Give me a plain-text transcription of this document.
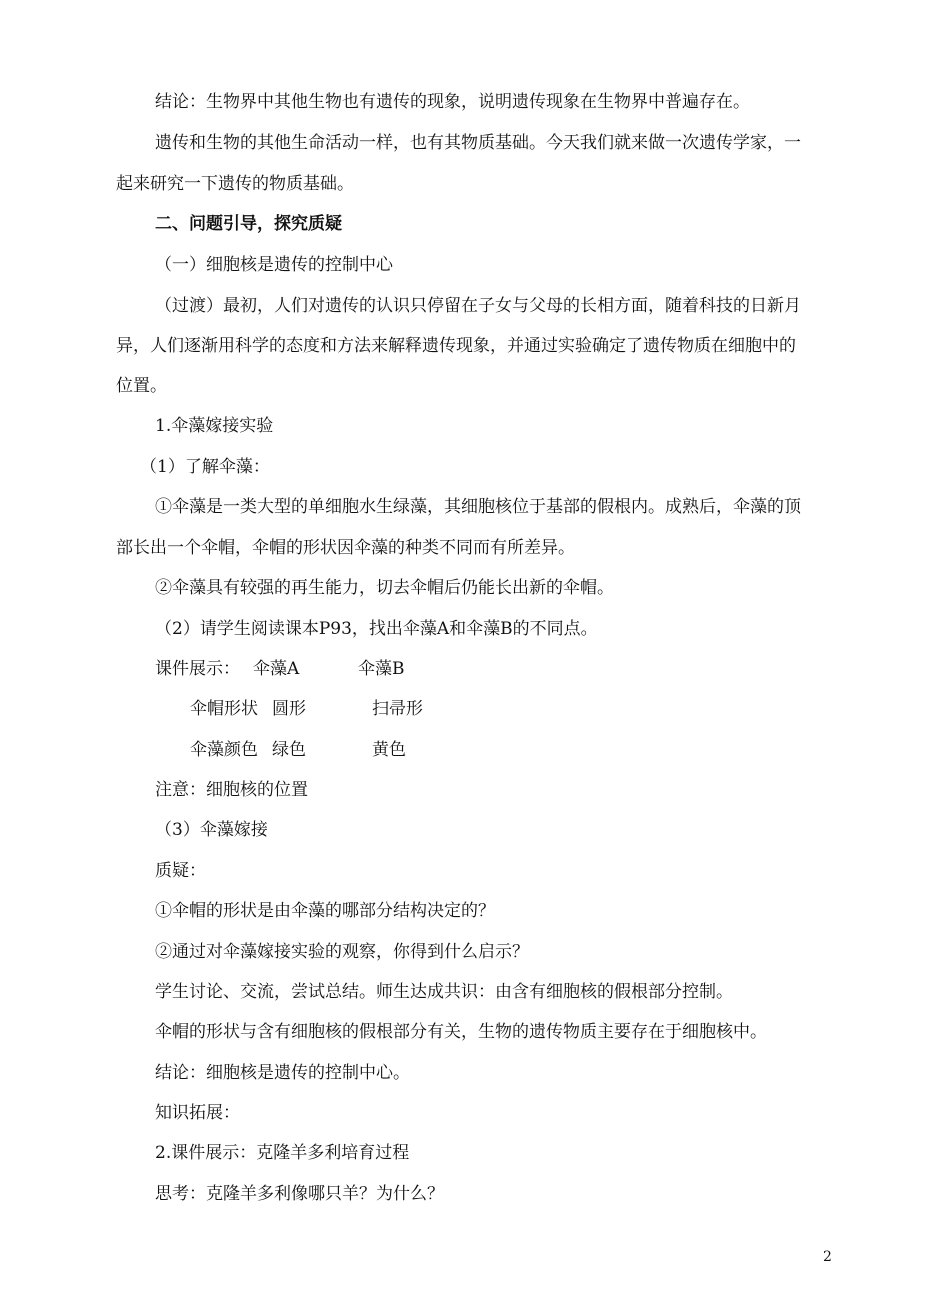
结论：生物界中其他生物也有遗传的现象，说明遗传现象在生物界中普遍存在。
遗传和生物的其他生命活动一样，也有其物质基础。今天我们就来做一次遗传学家，一
起来研究一下遗传的物质基础。
二、问题引导，探究质疑
（一）细胞核是遗传的控制中心
（过渡）最初，人们对遗传的认识只停留在子女与父母的长相方面，随着科技的日新月
异，人们逐渐用科学的态度和方法来解释遗传现象，并通过实验确定了遗传物质在细胞中的
位置。
1.伞藻嫁接实验
（1）了解伞藻：
①伞藻是一类大型的单细胞水生绿藻，其细胞核位于基部的假根内。成熟后，伞藻的顶
部长出一个伞帽，伞帽的形状因伞藻的种类不同而有所差异。
②伞藻具有较强的再生能力，切去伞帽后仍能长出新的伞帽。
（2）请学生阅读课本P93，找出伞藻A和伞藻B的不同点。
课件展示： 伞藻A	伞藻B
伞帽形状 圆形	扫帚形
伞藻颜色 绿色	黄色
注意：细胞核的位置
（3）伞藻嫁接
质疑：
①伞帽的形状是由伞藻的哪部分结构决定的？
②通过对伞藻嫁接实验的观察，你得到什么启示？
学生讨论、交流，尝试总结。师生达成共识：由含有细胞核的假根部分控制。
伞帽的形状与含有细胞核的假根部分有关，生物的遗传物质主要存在于细胞核中。
结论：细胞核是遗传的控制中心。
知识拓展：
2.课件展示：克隆羊多利培育过程
思考：克隆羊多利像哪只羊？为什么？
2
